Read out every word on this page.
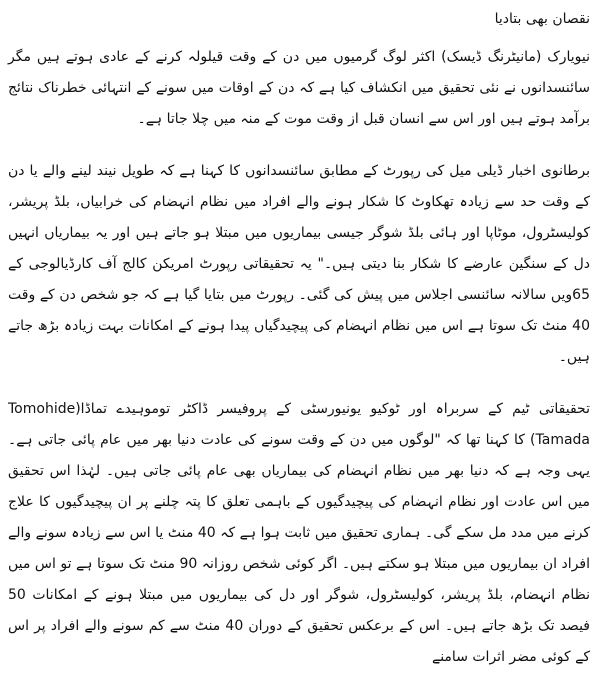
نقصان بھی بتادیا

نیویارک (مانیٹرنگ ڈیسک) اکثر لوگ گرمیوں میں دن کے وقت قیلولہ کرنے کے عادی ہوتے ہیں مگر سائنسدانوں نے نئی تحقیق میں انکشاف کیا ہے کہ دن کے اوقات میں سونے کے انتہائی خطرناک نتائج برآمد ہوتے ہیں اور اس سے انسان قبل از وقت موت کے منہ میں چلا جاتا ہے۔

برطانوی اخبار ڈیلی میل کی رپورٹ کے مطابق سائنسدانوں کا کہنا ہے کہ طویل نیند لینے والے یا دن کے وقت حد سے زیادہ تھکاوٹ کا شکار ہونے والے افراد میں نظام انہضام کی خرابیاں، بلڈ پریشر، کولیسٹرول، موٹاپا اور ہائی بلڈ شوگر جیسی بیماریوں میں مبتلا ہو جاتے ہیں اور یہ بیماریاں انہیں دل کے سنگین عارضے کا شکار بنا دیتی ہیں۔" یہ تحقیقاتی رپورٹ امریکن کالج آف کارڈیالوجی کے 65ویں سالانہ سائنسی اجلاس میں پیش کی گئی۔ رپورٹ میں بتایا گیا ہے کہ جو شخص دن کے وقت 40 منٹ تک سوتا ہے اس میں نظام انہضام کی پیچیدگیاں پیدا ہونے کے امکانات بہت زیادہ بڑھ جاتے ہیں۔

تحقیقاتی ٹیم کے سربراہ اور ٹوکیو یونیورسٹی کے پروفیسر ڈاکٹر توموہیدے تماڈا(Tomohide Tamada) کا کہنا تھا کہ "لوگوں میں دن کے وقت سونے کی عادت دنیا بھر میں عام پائی جاتی ہے۔ یہی وجہ ہے کہ دنیا بھر میں نظام انہضام کی بیماریاں بھی عام پائی جاتی ہیں۔ لہٰذا اس تحقیق میں اس عادت اور نظام انہضام کی پیچیدگیوں کے باہمی تعلق کا پتہ چلنے پر ان پیچیدگیوں کا علاج کرنے میں مدد مل سکے گی۔ ہماری تحقیق میں ثابت ہوا ہے کہ 40 منٹ یا اس سے زیادہ سونے والے افراد ان بیماریوں میں مبتلا ہو سکتے ہیں۔ اگر کوئی شخص روزانہ 90 منٹ تک سوتا ہے تو اس میں نظام انہضام، بلڈ پریشر، کولیسٹرول، شوگر اور دل کی بیماریوں میں مبتلا ہونے کے امکانات 50 فیصد تک بڑھ جاتے ہیں۔ اس کے برعکس تحقیق کے دوران 40 منٹ سے کم سونے والے افراد پر اس کے کوئی مضر اثرات سامنے
